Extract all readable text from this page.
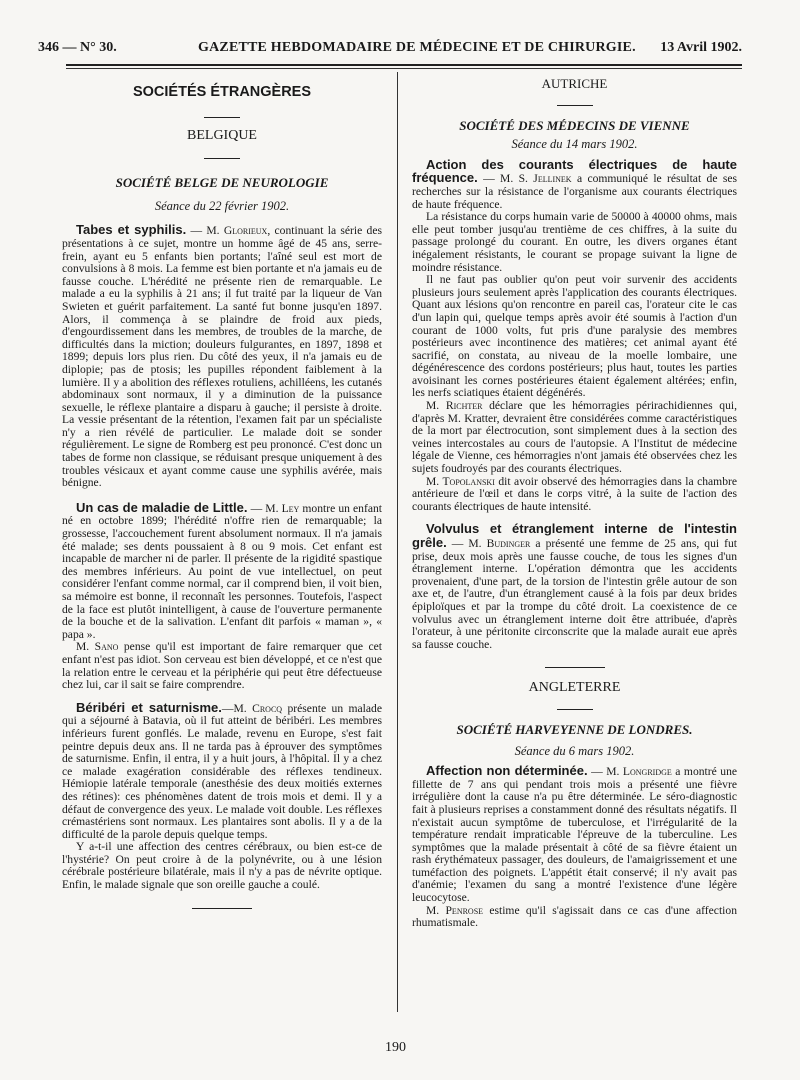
346 — N° 30.	GAZETTE HEBDOMADAIRE DE MÉDECINE ET DE CHIRURGIE. 13 Avril 1902.
SOCIÉTÉS ÉTRANGÈRES
BELGIQUE
SOCIÉTÉ BELGE DE NEUROLOGIE
Séance du 22 février 1902.

Tabes et syphilis. — M. Glorieux, continuant la série des présentations à ce sujet, montre un homme âgé de 45 ans, serre-frein, ayant eu 5 enfants bien portants; l'aîné seul est mort de convulsions à 8 mois. La femme est bien portante et n'a jamais eu de fausse couche. L'hérédité ne présente rien de remarquable. Le malade a eu la syphilis à 21 ans; il fut traité par la liqueur de Van Swieten et guérit parfaitement. La santé fut bonne jusqu'en 1897. Alors, il commença à se plaindre de froid aux pieds, d'engourdissement dans les membres, de troubles de la marche, de difficultés dans la miction; douleurs fulgurantes, en 1897, 1898 et 1899; depuis lors plus rien. Du côté des yeux, il n'a jamais eu de diplopie; pas de ptosis; les pupilles répondent faiblement à la lumière. Il y a abolition des réflexes rotuliens, achilléens, les cutanés abdominaux sont normaux, il y a diminution de la puissance sexuelle, le réflexe plantaire a disparu à gauche; il persiste à droite. La vessie présentant de la rétention, l'examen fait par un spécialiste n'y a rien révélé de particulier. Le malade doit se sonder régulièrement. Le signe de Romberg est peu prononcé. C'est donc un tabes de forme non classique, se réduisant presque uniquement à des troubles vésicaux et ayant comme cause une syphilis avérée, mais bénigne.

Un cas de maladie de Little. — M. Ley montre un enfant né en octobre 1899; l'hérédité n'offre rien de remarquable; la grossesse, l'accouchement furent absolument normaux. Il n'a jamais été malade; ses dents poussaient à 8 ou 9 mois. Cet enfant est incapable de marcher ni de parler. Il présente de la rigidité spastique des membres inférieurs. Au point de vue intellectuel, on peut considérer l'enfant comme normal, car il comprend bien, il voit bien, sa mémoire est bonne, il reconnaît les personnes. Toutefois, l'aspect de la face est plutôt inintelligent, à cause de l'ouverture permanente de la bouche et de la salivation. L'enfant dit parfois « maman », « papa ».

M. Sano pense qu'il est important de faire remarquer que cet enfant n'est pas idiot. Son cerveau est bien développé, et ce n'est que la relation entre le cerveau et la périphérie qui peut être défectueuse chez lui, car il sait se faire comprendre.

Béribéri et saturnisme.—M. Crocq présente un malade qui a séjourné à Batavia, où il fut atteint de béribéri. Les membres inférieurs furent gonflés. Le malade, revenu en Europe, s'est fait peintre depuis deux ans. Il ne tarda pas à éprouver des symptômes de saturnisme. Enfin, il entra, il y a huit jours, à l'hôpital. Il y a chez ce malade exagération considérable des réflexes tendineux. Hémiopie latérale temporale (anesthésie des deux moitiés externes des rétines): ces phénomènes datent de trois mois et demi. Il y a défaut de convergence des yeux. Le malade voit double. Les réflexes crémastériens sont normaux. Les plantaires sont abolis. Il y a de la difficulté de la parole depuis quelque temps.

Y a-t-il une affection des centres cérébraux, ou bien est-ce de l'hystérie? On peut croire à de la polynévrite, ou à une lésion cérébrale postérieure bilatérale, mais il n'y a pas de névrite optique. Enfin, le malade signale que son oreille gauche a coulé.

AUTRICHE
SOCIÉTÉ DES MÉDECINS DE VIENNE
Séance du 14 mars 1902.

Action des courants électriques de haute fréquence. — M. S. Jellinek a communiqué le résultat de ses recherches sur la résistance de l'organisme aux courants électriques de haute fréquence.

La résistance du corps humain varie de 50000 à 40000 ohms, mais elle peut tomber jusqu'au trentième de ces chiffres, à la suite du passage prolongé du courant. En outre, les divers organes étant inégalement résistants, le courant se propage suivant la ligne de moindre résistance.

Il ne faut pas oublier qu'on peut voir survenir des accidents plusieurs jours seulement après l'application des courants électriques. Quant aux lésions qu'on rencontre en pareil cas, l'orateur cite le cas d'un lapin qui, quelque temps après avoir été soumis à l'action d'un courant de 1000 volts, fut pris d'une paralysie des membres postérieurs avec incontinence des matières; cet animal ayant été sacrifié, on constata, au niveau de la moelle lombaire, une dégénérescence des cordons postérieurs; plus haut, toutes les parties avoisinant les cornes postérieures étaient également altérées; enfin, les nerfs sciatiques étaient dégénérés.

M. Richter déclare que les hémorragies périrachidiennes qui, d'après M. Kratter, devraient être considérées comme caractéristiques de la mort par électrocution, sont simplement dues à la section des veines intercostales au cours de l'autopsie. A l'Institut de médecine légale de Vienne, ces hémorragies n'ont jamais été observées chez les sujets foudroyés par des courants électriques.

M. Topolanski dit avoir observé des hémorragies dans la chambre antérieure de l'œil et dans le corps vitré, à la suite de l'action des courants électriques de haute intensité.

Volvulus et étranglement interne de l'intestin grêle. — M. Budinger a présenté une femme de 25 ans, qui fut prise, deux mois après une fausse couche, de tous les signes d'un étranglement interne. L'opération démontra que les accidents provenaient, d'une part, de la torsion de l'intestin grêle autour de son axe et, de l'autre, d'un étranglement causé à la fois par deux brides épiploïques et par la trompe du côté droit. La coexistence de ce volvulus avec un étranglement interne doit être attribuée, d'après l'orateur, à une péritonite circonscrite que la malade aurait eue après sa fausse couche.

ANGLETERRE
SOCIÉTÉ HARVEYENNE DE LONDRES.
Séance du 6 mars 1902.

Affection non déterminée. — M. Longridge a montré une fillette de 7 ans qui pendant trois mois a présenté une fièvre irrégulière dont la cause n'a pu être déterminée. Le séro-diagnostic fait à plusieurs reprises a constamment donné des résultats négatifs. Il n'existait aucun symptôme de tuberculose, et l'irrégularité de la température rendait impraticable l'épreuve de la tuberculine. Les symptômes que la malade présentait à côté de sa fièvre étaient un rash érythémateux passager, des douleurs, de l'amaigrissement et une tuméfaction des poignets. L'appétit était conservé; il n'y avait pas d'anémie; l'examen du sang a montré l'existence d'une légère leucocytose.

M. Penrose estime qu'il s'agissait dans ce cas d'une affection rhumatismale.

190
